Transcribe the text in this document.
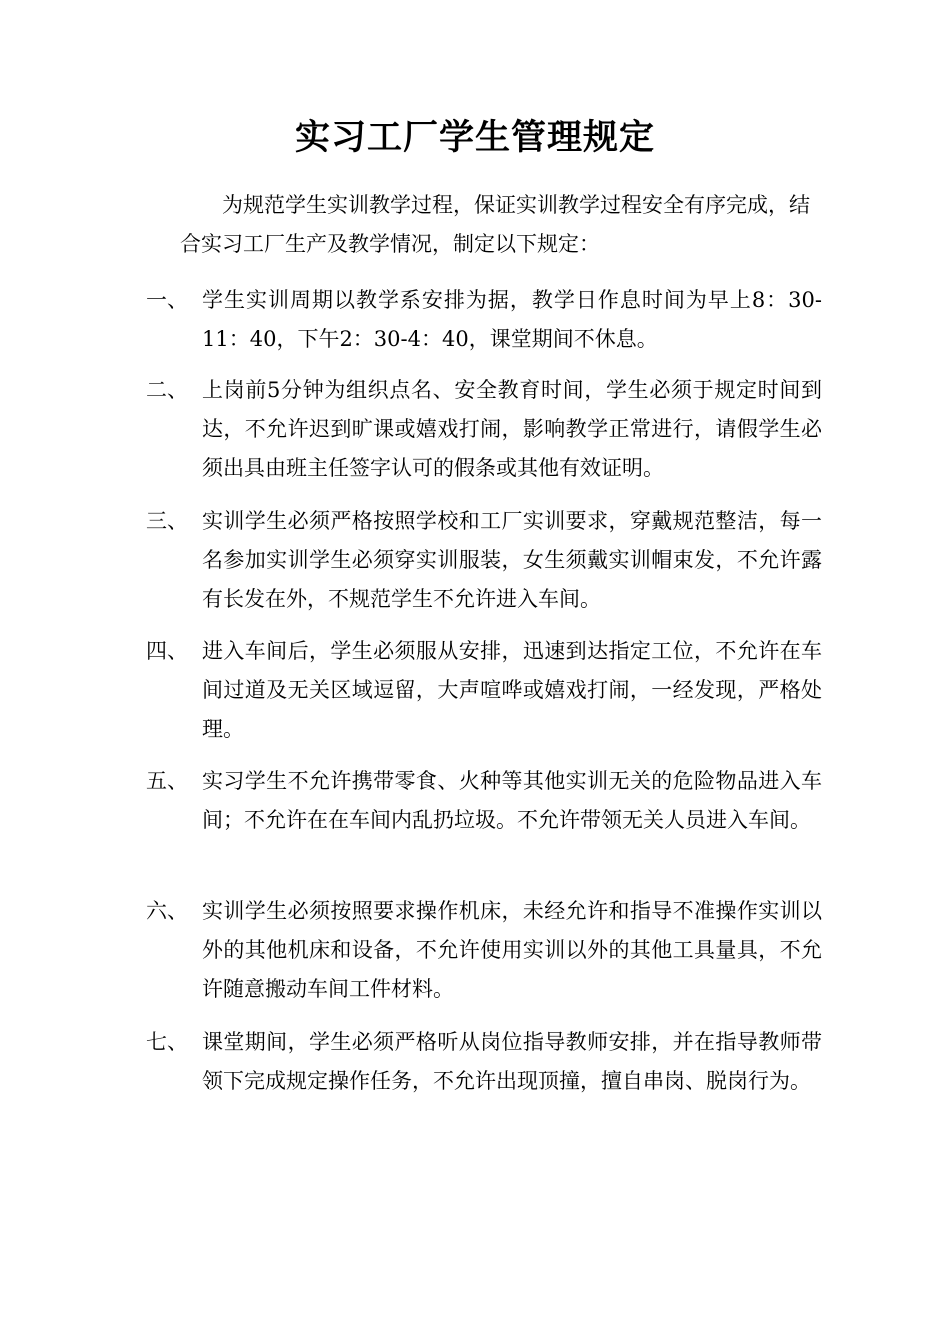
实习工厂学生管理规定
为规范学生实训教学过程，保证实训教学过程安全有序完成，结合实习工厂生产及教学情况，制定以下规定：
一、 学生实训周期以教学系安排为据，教学日作息时间为早上8：30-11：40，下午2：30-4：40，课堂期间不休息。
二、 上岗前5分钟为组织点名、安全教育时间，学生必须于规定时间到达，不允许迟到旷课或嬉戏打闹，影响教学正常进行，请假学生必须出具由班主任签字认可的假条或其他有效证明。
三、 实训学生必须严格按照学校和工厂实训要求，穿戴规范整洁，每一名参加实训学生必须穿实训服装，女生须戴实训帽束发，不允许露有长发在外，不规范学生不允许进入车间。
四、 进入车间后，学生必须服从安排，迅速到达指定工位，不允许在车间过道及无关区域逗留，大声喧哗或嬉戏打闹，一经发现，严格处理。
五、 实习学生不允许携带零食、火种等其他实训无关的危险物品进入车间；不允许在在车间内乱扔垃圾。不允许带领无关人员进入车间。
六、 实训学生必须按照要求操作机床，未经允许和指导不准操作实训以外的其他机床和设备，不允许使用实训以外的其他工具量具，不允许随意搬动车间工件材料。
七、 课堂期间，学生必须严格听从岗位指导教师安排，并在指导教师带领下完成规定操作任务，不允许出现顶撞，擅自串岗、脱岗行为。
